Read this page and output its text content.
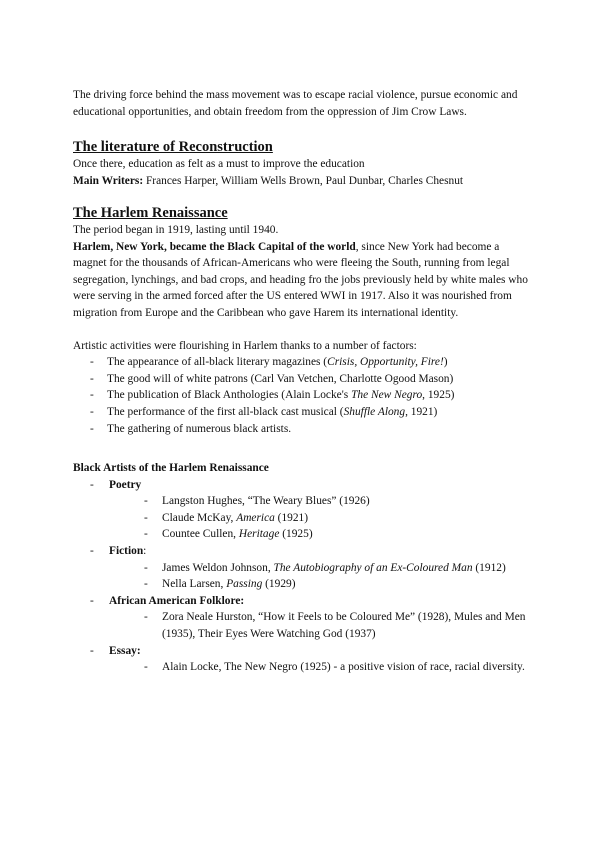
The driving force behind the mass movement was to escape racial violence, pursue economic and educational opportunities, and obtain freedom from the oppression of Jim Crow Laws.

The literature of Reconstruction

Once there, education as felt as a must to improve the education

Main Writers: Frances Harper, William Wells Brown, Paul Dunbar, Charles Chesnut

The Harlem Renaissance

The period began in 1919, lasting until 1940.

Harlem, New York, became the Black Capital of the world, since New York had become a magnet for the thousands of African-Americans who were fleeing the South, running from legal segregation, lynchings, and bad crops, and heading fro the jobs previously held by white males who were serving in the armed forced after the US entered WWI in 1917. Also it was nourished from migration from Europe and the Caribbean who gave Harem its international identity.

Artistic activities were flourishing in Harlem thanks to a number of factors:

- The appearance of all-black literary magazines (Crisis, Opportunity, Fire!)
- The good will of white patrons (Carl Van Vetchen, Charlotte Ogood Mason)
- The publication of Black Anthologies (Alain Locke's The New Negro, 1925)
- The performance of the first all-black cast musical (Shuffle Along, 1921)
- The gathering of numerous black artists.

Black Artists of the Harlem Renaissance

- Poetry
- Langston Hughes, “The Weary Blues” (1926)
- Claude McKay, America (1921)
- Countee Cullen, Heritage (1925)
- Fiction:
- James Weldon Johnson, The Autobiography of an Ex-Coloured Man (1912)
- Nella Larsen, Passing (1929)
- African American Folklore:
- Zora Neale Hurston, “How it Feels to be Coloured Me” (1928), Mules and Men (1935), Their Eyes Were Watching God (1937)
- Essay:
- Alain Locke, The New Negro (1925) - a positive vision of race, racial diversity.
